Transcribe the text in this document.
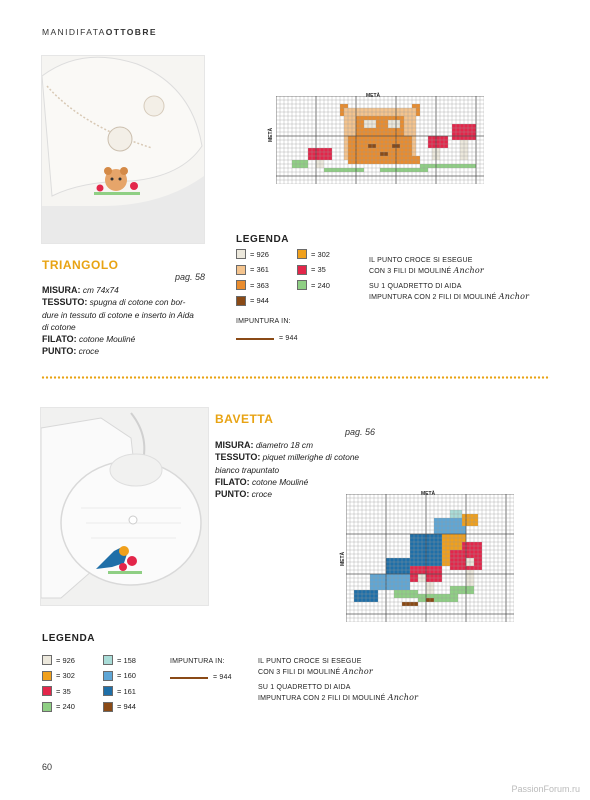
MANIDIFATAOTTOBRE
METÀ
METÀ
TRIANGOLO
pag. 58
MISURA: cm 74x74
TESSUTO: spugna di cotone con bor-
dure in tessuto di cotone e inserto in Aida
di cotone
FILATO: cotone Mouliné
PUNTO: croce
LEGENDA
= 926	= 302
= 361	= 35
= 363	= 240
= 944
IMPUNTURA IN:
= 944
IL PUNTO CROCE SI ESEGUE
CON 3 FILI DI MOULINÉ Anchor
SU 1 QUADRETTO DI AIDA
IMPUNTURA CON 2 FILI DI MOULINÉ Anchor
BAVETTA
pag. 56
MISURA: diametro 18 cm
TESSUTO: piquet millerighe di cotone
bianco trapuntato
FILATO: cotone Mouliné
PUNTO: croce	METÀ
METÀ
LEGENDA
= 926	= 158
= 302	= 160
= 35	= 161
= 240	= 944
IMPUNTURA IN:
= 944
IL PUNTO CROCE SI ESEGUE
CON 3 FILI DI MOULINÉ Anchor
SU 1 QUADRETTO DI AIDA
IMPUNTURA CON 2 FILI DI MOULINÉ Anchor
60
PassionForum.ru
